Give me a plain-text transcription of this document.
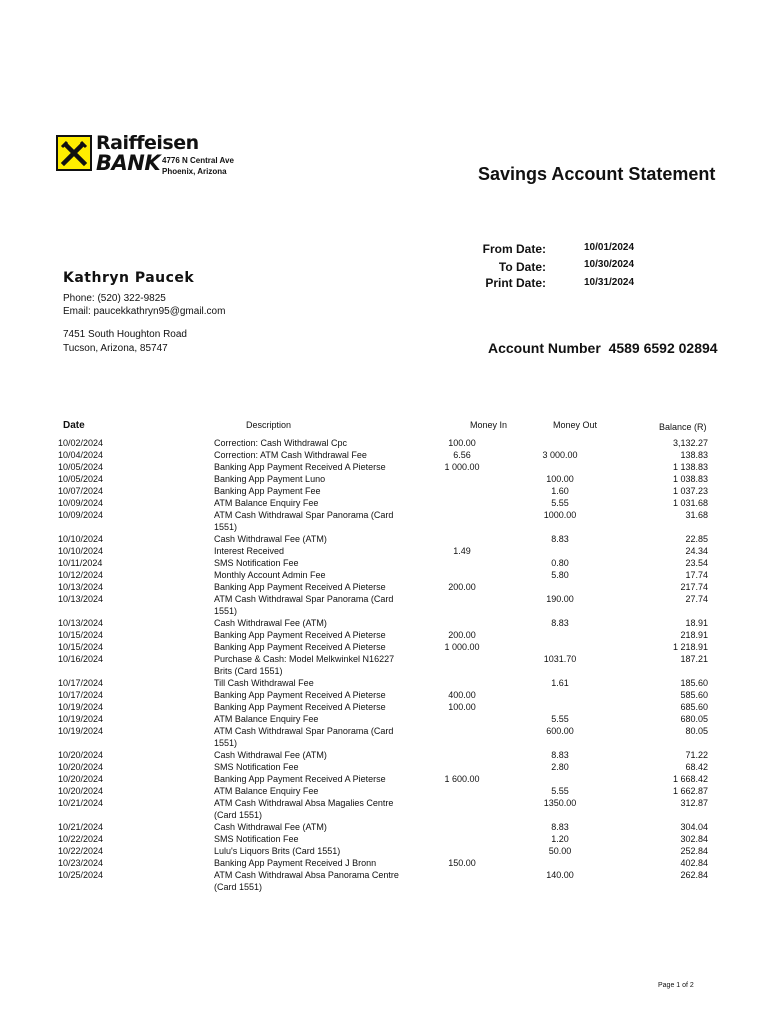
Raiffeisen
BANK 4776 N Central Ave
Phoenix, Arizona	Savings Account Statement
From Date:	10/01/2024
To Date:	10/30/2024
Print Date:	10/31/2024
Kathryn Paucek
Phone: (520) 322-9825
Email: paucekkathryn95@gmail.com
7451 South Houghton Road
Tucson, Arizona, 85747	Account Number 4589 6592 02894
Date	Description	Money In	Money Out	Balance (R)
10/02/2024	Correction: Cash Withdrawal Cpc	100.00		3,132.27
10/04/2024	Correction: ATM Cash Withdrawal Fee	6.56	3 000.00	138.83
10/05/2024	Banking App Payment Received A Pieterse	1 000.00		1 138.83
10/05/2024	Banking App Payment Luno		100.00	1 038.83
10/07/2024	Banking App Payment Fee		1.60	1 037.23
10/09/2024	ATM Balance Enquiry Fee		5.55	1 031.68
10/09/2024	ATM Cash Withdrawal Spar Panorama (Card 1551)		1000.00	31.68
10/10/2024	Cash Withdrawal Fee (ATM)		8.83	22.85
10/10/2024	Interest Received	1.49		24.34
10/11/2024	SMS Notification Fee		0.80	23.54
10/12/2024	Monthly Account Admin Fee		5.80	17.74
10/13/2024	Banking App Payment Received A Pieterse	200.00		217.74
10/13/2024	ATM Cash Withdrawal Spar Panorama (Card 1551)		190.00	27.74
10/13/2024	Cash Withdrawal Fee (ATM)		8.83	18.91
10/15/2024	Banking App Payment Received A Pieterse	200.00		218.91
10/15/2024	Banking App Payment Received A Pieterse	1 000.00		1 218.91
10/16/2024	Purchase & Cash: Model Melkwinkel N16227 Brits (Card 1551)		1031.70	187.21
10/17/2024	Till Cash Withdrawal Fee		1.61	185.60
10/17/2024	Banking App Payment Received A Pieterse	400.00		585.60
10/19/2024	Banking App Payment Received A Pieterse	100.00		685.60
10/19/2024	ATM Balance Enquiry Fee		5.55	680.05
10/19/2024	ATM Cash Withdrawal Spar Panorama (Card 1551)		600.00	80.05
10/20/2024	Cash Withdrawal Fee (ATM)		8.83	71.22
10/20/2024	SMS Notification Fee		2.80	68.42
10/20/2024	Banking App Payment Received A Pieterse	1 600.00		1 668.42
10/20/2024	ATM Balance Enquiry Fee		5.55	1 662.87
10/21/2024	ATM Cash Withdrawal Absa Magalies Centre (Card 1551)		1350.00	312.87
10/21/2024	Cash Withdrawal Fee (ATM)		8.83	304.04
10/22/2024	SMS Notification Fee		1.20	302.84
10/22/2024	Lulu's Liquors Brits (Card 1551)		50.00	252.84
10/23/2024	Banking App Payment Received J Bronn	150.00		402.84
10/25/2024	ATM Cash Withdrawal Absa Panorama Centre (Card 1551)		140.00	262.84
Page 1 of 2
